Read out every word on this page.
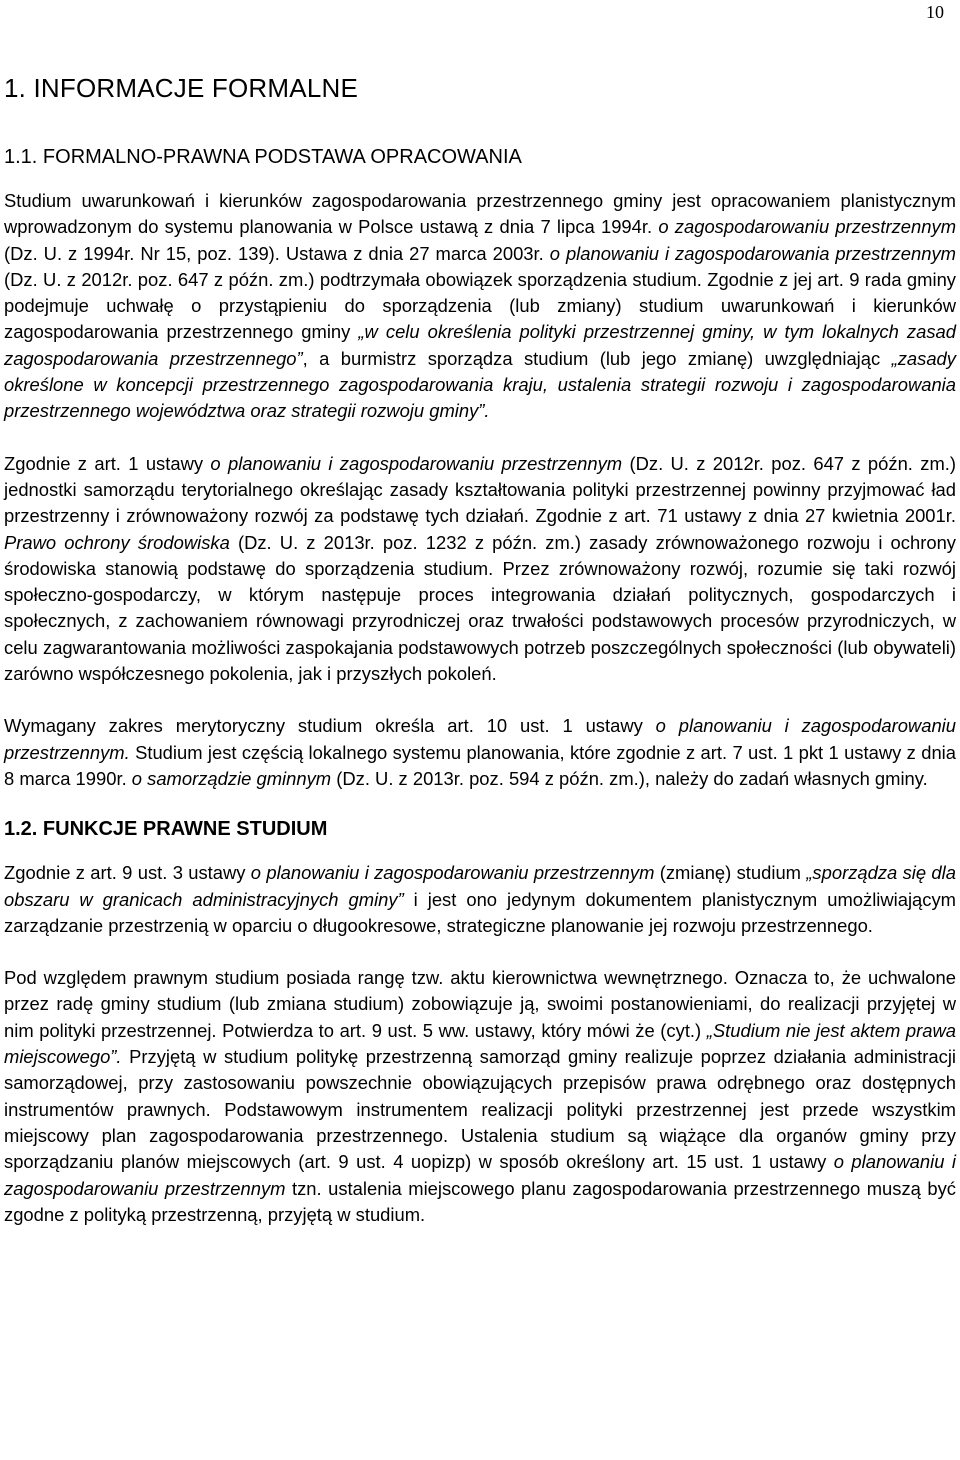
10
1. INFORMACJE FORMALNE
1.1. FORMALNO-PRAWNA PODSTAWA OPRACOWANIA

Studium uwarunkowań i kierunków zagospodarowania przestrzennego gminy jest opracowaniem planistycznym wprowadzonym do systemu planowania w Polsce ustawą z dnia 7 lipca 1994r. o zagospodarowaniu przestrzennym (Dz. U. z 1994r. Nr 15, poz. 139). Ustawa z dnia 27 marca 2003r. o planowaniu i zagospodarowania przestrzennym (Dz. U. z 2012r. poz. 647 z późn. zm.) podtrzymała obowiązek sporządzenia studium. Zgodnie z jej art. 9 rada gminy podejmuje uchwałę o przystąpieniu do sporządzenia (lub zmiany) studium uwarunkowań i kierunków zagospodarowania przestrzennego gminy „w celu określenia polityki przestrzennej gminy, w tym lokalnych zasad zagospodarowania przestrzennego”, a burmistrz sporządza studium (lub jego zmianę) uwzględniając „zasady określone w koncepcji przestrzennego zagospodarowania kraju, ustalenia strategii rozwoju i zagospodarowania przestrzennego województwa oraz strategii rozwoju gminy”.

Zgodnie z art. 1 ustawy o planowaniu i zagospodarowaniu przestrzennym (Dz. U. z 2012r. poz. 647 z późn. zm.) jednostki samorządu terytorialnego określając zasady kształtowania polityki przestrzennej powinny przyjmować ład przestrzenny i zrównoważony rozwój za podstawę tych działań. Zgodnie z art. 71 ustawy z dnia 27 kwietnia 2001r. Prawo ochrony środowiska (Dz. U. z 2013r. poz. 1232 z późn. zm.) zasady zrównoważonego rozwoju i ochrony środowiska stanowią podstawę do sporządzenia studium. Przez zrównoważony rozwój, rozumie się taki rozwój społeczno-gospodarczy, w którym następuje proces integrowania działań politycznych, gospodarczych i społecznych, z zachowaniem równowagi przyrodniczej oraz trwałości podstawowych procesów przyrodniczych, w celu zagwarantowania możliwości zaspokajania podstawowych potrzeb poszczególnych społeczności (lub obywateli) zarówno współczesnego pokolenia, jak i przyszłych pokoleń.

Wymagany zakres merytoryczny studium określa art. 10 ust. 1 ustawy o planowaniu i zagospodarowaniu przestrzennym. Studium jest częścią lokalnego systemu planowania, które zgodnie z art. 7 ust. 1 pkt 1 ustawy z dnia 8 marca 1990r. o samorządzie gminnym (Dz. U. z 2013r. poz. 594 z późn. zm.), należy do zadań własnych gminy.

1.2. FUNKCJE PRAWNE STUDIUM

Zgodnie z art. 9 ust. 3 ustawy o planowaniu i zagospodarowaniu przestrzennym (zmianę) studium „sporządza się dla obszaru w granicach administracyjnych gminy” i jest ono jedynym dokumentem planistycznym umożliwiającym zarządzanie przestrzenią w oparciu o długookresowe, strategiczne planowanie jej rozwoju przestrzennego.

Pod względem prawnym studium posiada rangę tzw. aktu kierownictwa wewnętrznego. Oznacza to, że uchwalone przez radę gminy studium (lub zmiana studium) zobowiązuje ją, swoimi postanowieniami, do realizacji przyjętej w nim polityki przestrzennej. Potwierdza to art. 9 ust. 5 ww. ustawy, który mówi że (cyt.) „Studium nie jest aktem prawa miejscowego”. Przyjętą w studium politykę przestrzenną samorząd gminy realizuje poprzez działania administracji samorządowej, przy zastosowaniu powszechnie obowiązujących przepisów prawa odrębnego oraz dostępnych instrumentów prawnych. Podstawowym instrumentem realizacji polityki przestrzennej jest przede wszystkim miejscowy plan zagospodarowania przestrzennego. Ustalenia studium są wiążące dla organów gminy przy sporządzaniu planów miejscowych (art. 9 ust. 4 uopizp) w sposób określony art. 15 ust. 1 ustawy o planowaniu i zagospodarowaniu przestrzennym tzn. ustalenia miejscowego planu zagospodarowania przestrzennego muszą być zgodne z polityką przestrzenną, przyjętą w studium.
